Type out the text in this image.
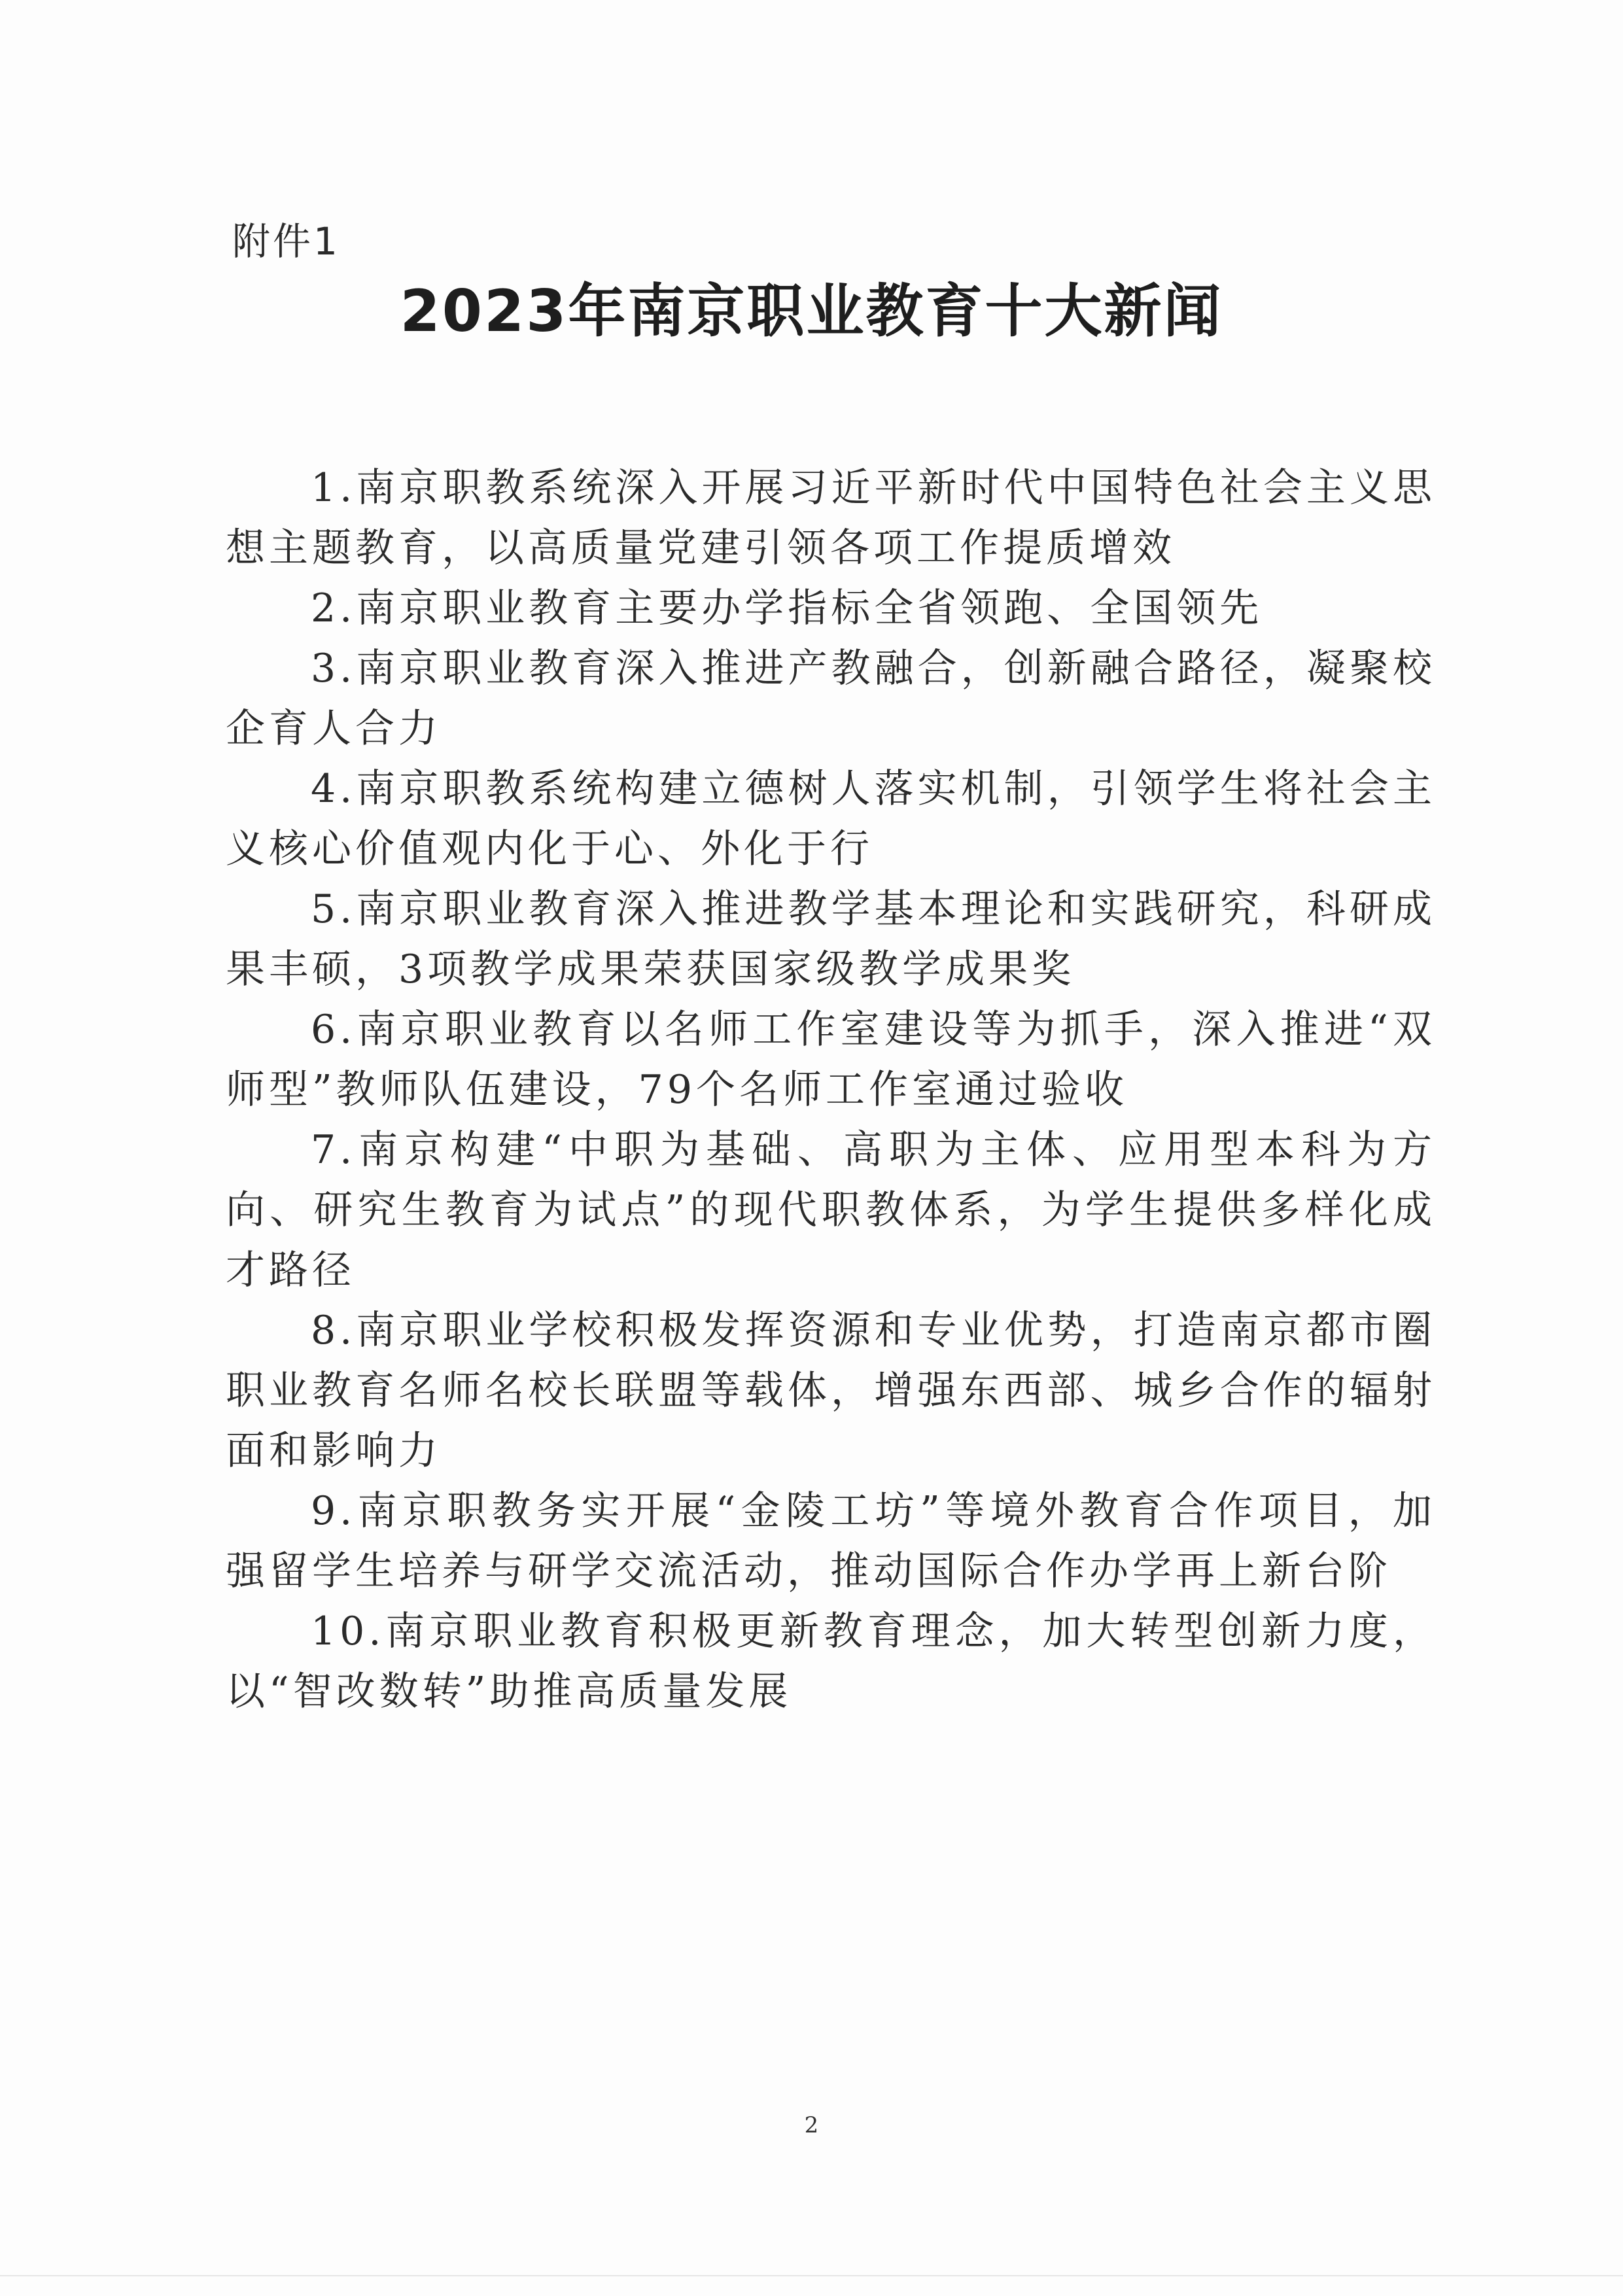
附件1
2023年南京职业教育十大新闻
1.南京职教系统深入开展习近平新时代中国特色社会主义思想主题教育，以高质量党建引领各项工作提质增效
2.南京职业教育主要办学指标全省领跑、全国领先
3.南京职业教育深入推进产教融合，创新融合路径，凝聚校企育人合力
4.南京职教系统构建立德树人落实机制，引领学生将社会主义核心价值观内化于心、外化于行
5.南京职业教育深入推进教学基本理论和实践研究，科研成果丰硕，3项教学成果荣获国家级教学成果奖
6.南京职业教育以名师工作室建设等为抓手，深入推进“双师型”教师队伍建设，79个名师工作室通过验收
7.南京构建“中职为基础、高职为主体、应用型本科为方向、研究生教育为试点”的现代职教体系，为学生提供多样化成才路径
8.南京职业学校积极发挥资源和专业优势，打造南京都市圈职业教育名师名校长联盟等载体，增强东西部、城乡合作的辐射面和影响力
9.南京职教务实开展“金陵工坊”等境外教育合作项目，加强留学生培养与研学交流活动，推动国际合作办学再上新台阶
10.南京职业教育积极更新教育理念，加大转型创新力度，以“智改数转”助推高质量发展
2
